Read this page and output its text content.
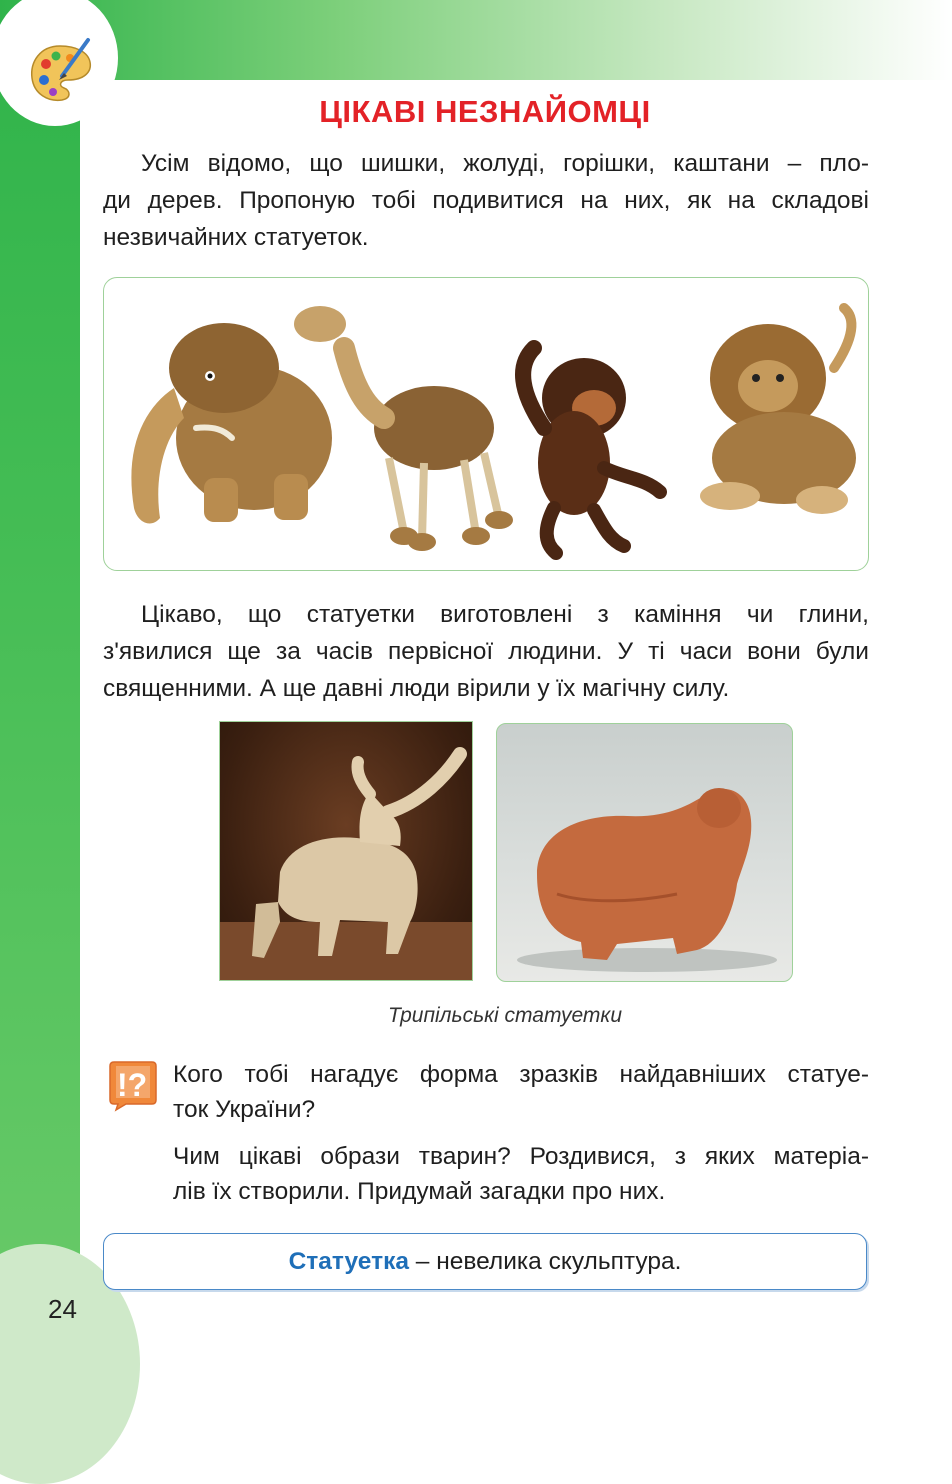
24
ЦІКАВІ НЕЗНАЙОМЦІ
Усім відомо, що шишки, жолуді, горішки, каштани – пло-
ди дерев. Пропоную тобі подивитися на них, як на складові
незвичайних статуеток.
Цікаво, що статуетки виготовлені з каміння чи глини,
з'явилися ще за часів первісної людини. У ті часи вони були
священними. А ще давні люди вірили у їх магічну силу.
Трипільські статуетки
!? Кого тобі нагадує форма зразків найдавніших статуе-
ток України?
Чим цікаві образи тварин? Роздивися, з яких матеріа-
лів їх створили. Придумай загадки про них.
Статуетка – невелика скульптура.
